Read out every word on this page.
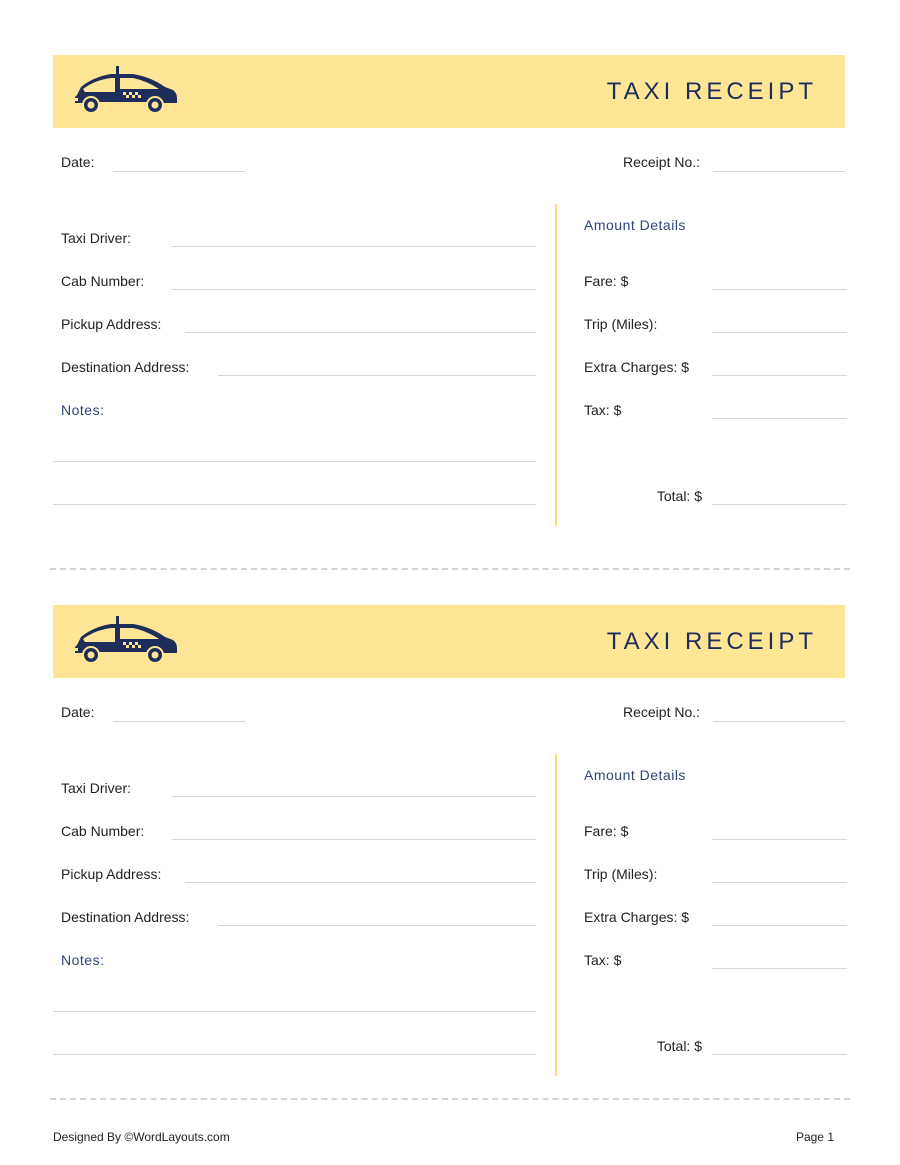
TAXI RECEIPT
Date:	Receipt No.:
Taxi Driver:
Cab Number:
Pickup Address:
Destination Address:
Notes:
Amount Details
Fare: $
Trip (Miles):
Extra Charges: $
Tax: $
Total: $
TAXI RECEIPT
Date:	Receipt No.:
Taxi Driver:
Cab Number:
Pickup Address:
Destination Address:
Notes:
Amount Details
Fare: $
Trip (Miles):
Extra Charges: $
Tax: $
Total: $
Designed By ©WordLayouts.com	Page 1
